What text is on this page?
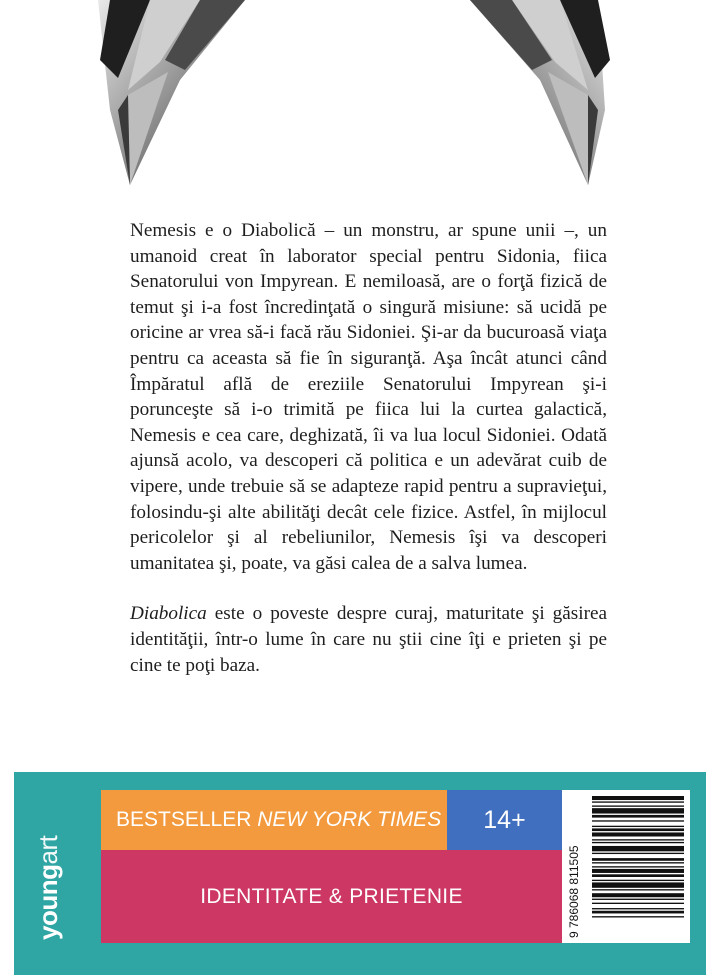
Nemesis e o Diabolică – un monstru, ar spune unii –, un umanoid creat în laborator special pentru Sidonia, fiica Senatorului von Impyrean. E nemiloasă, are o forţă fizică de temut şi i-a fost încredinţată o singură misiune: să ucidă pe oricine ar vrea să-i facă rău Sidoniei. Şi-ar da bucuroasă viaţa pentru ca aceasta să fie în siguranţă. Aşa încât atunci când Împăratul află de ereziile Senatorului Impyrean şi-i porunceşte să i-o trimită pe fiica lui la curtea galactică, Nemesis e cea care, deghizată, îi va lua locul Sidoniei. Odată ajunsă acolo, va descoperi că politica e un adevărat cuib de vipere, unde trebuie să se adapteze rapid pentru a supravieţui, folosindu-şi alte abilităţi decât cele fizice. Astfel, în mijlocul pericolelor şi al rebeliunilor, Nemesis îşi va descoperi umanitatea şi, poate, va găsi calea de a salva lumea.

Diabolica este o poveste despre curaj, maturitate şi găsirea identităţii, într-o lume în care nu ştii cine îţi e prieten şi pe cine te poţi baza.

youngart
BESTSELLER NEW YORK TIMES	14+
IDENTITATE & PRIETENIE	9 786068 811505
